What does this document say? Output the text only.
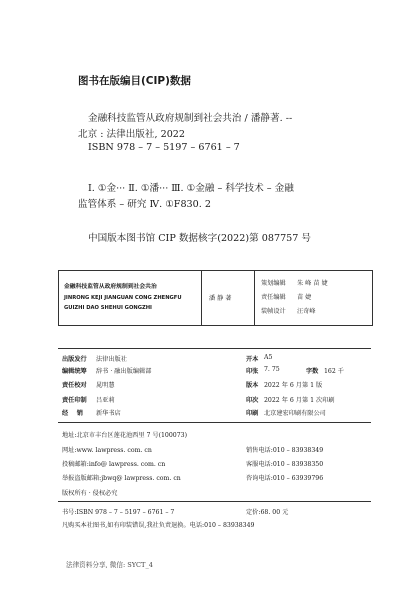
图书在版编目(CIP)数据
金融科技监管从政府规制到社会共治 / 潘静著. --
北京 : 法律出版社, 2022
ISBN 978 – 7 – 5197 – 6761 – 7
Ⅰ. ①金··· Ⅱ. ①潘··· Ⅲ. ①金融 – 科学技术 – 金融
监管体系 – 研究 Ⅳ. ①F830. 2
中国版本图书馆 CIP 数据核字(2022)第 087757 号
金融科技监管从政府规制到社会共治
JINRONG KEJI JIANGUAN CONG ZHENGFU
GUIZHI DAO SHEHUI GONGZHI
潘 静 著
策划编辑 朱 峰 苗 婕
责任编辑 苗 婕
装帧设计 汪奇峰
出版发行 法律出版社
编辑统筹 辞书 · 融出版编辑部
责任校对 晁明慧
责任印制 吕亚莉
经    销 新华书店
开本 A5
印张 7. 75	字数 162 千
版本 2022 年 6 月第 1 版
印次 2022 年 6 月第 1 次印刷
印刷 北京建宏印刷有限公司
地址:北京市丰台区莲花池西里 7 号(100073)
网址:www. lawpress. com. cn
投稿邮箱:info@ lawpress. com. cn
举报盗版邮箱:jbwq@ lawpress. com. cn
版权所有 · 侵权必究
销售电话:010 – 83938349
客服电话:010 – 83938350
咨询电话:010 – 63939796
书号:ISBN 978 – 7 – 5197 – 6761 – 7	定价:68. 00 元
凡购买本社图书,如有印装错误,我社负责退换。电话:010 – 83938349
法律资料分享, 微信: SYCT_4
